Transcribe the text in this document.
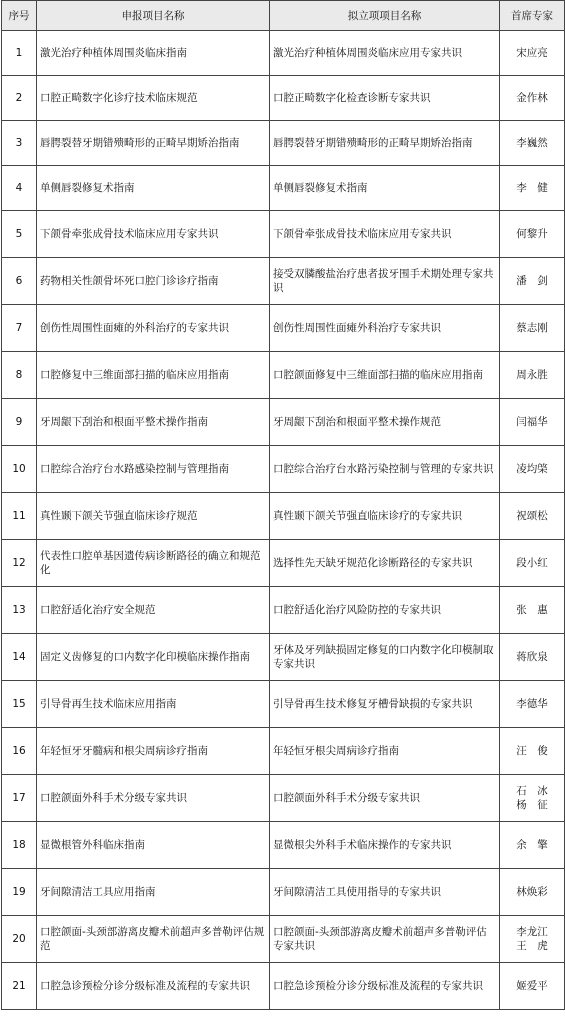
序号	申报项目名称	拟立项项目名称	首席专家
1	激光治疗种植体周围炎临床指南	激光治疗种植体周围炎临床应用专家共识	宋应亮

2	口腔正畸数字化诊疗技术临床规范	口腔正畸数字化检查诊断专家共识	金作林

3	唇腭裂替牙期错㱮畸形的正畸早期矫治指南	唇腭裂替牙期错㱮畸形的正畸早期矫治指南	李巍然

4	单侧唇裂修复术指南	单侧唇裂修复术指南	李　健

5	下颌骨牵张成骨技术临床应用专家共识	下颌骨牵张成骨技术临床应用专家共识	何黎升

6	药物相关性颌骨坏死口腔门诊诊疗指南	接受双膦酸盐治疗患者拔牙围手术期处理专家共识	潘　剑

7	创伤性周围性面瘫的外科治疗的专家共识	创伤性周围性面瘫外科治疗专家共识	蔡志刚

8	口腔修复中三维面部扫描的临床应用指南	口腔颌面修复中三维面部扫描的临床应用指南	周永胜

9	牙周龈下刮治和根面平整术操作指南	牙周龈下刮治和根面平整术操作规范	闫福华

10	口腔综合治疗台水路感染控制与管理指南	口腔综合治疗台水路污染控制与管理的专家共识	凌均棨

11	真性颞下颌关节强直临床诊疗规范	真性颞下颌关节强直临床诊疗的专家共识	祝颂松

12	代表性口腔单基因遗传病诊断路径的确立和规范化	选择性先天缺牙规范化诊断路径的专家共识	段小红

13	口腔舒适化治疗安全规范	口腔舒适化治疗风险防控的专家共识	张　惠

14	固定义齿修复的口内数字化印模临床操作指南	牙体及牙列缺损固定修复的口内数字化印模制取专家共识	蒋欣泉

15	引导骨再生技术临床应用指南	引导骨再生技术修复牙槽骨缺损的专家共识	李德华

16	年轻恒牙牙髓病和根尖周病诊疗指南	年轻恒牙根尖周病诊疗指南	汪　俊

17	口腔颌面外科手术分级专家共识	口腔颌面外科手术分级专家共识	石　冰
杨　征

18	显微根管外科临床指南	显微根尖外科手术临床操作的专家共识	余　擎

19	牙间隙清洁工具应用指南	牙间隙清洁工具使用指导的专家共识	林焕彩

20	口腔颌面-头颈部游离皮瓣术前超声多普勒评估规范	口腔颌面-头颈部游离皮瓣术前超声多普勒评估专家共识	李龙江
王　虎

21	口腔急诊预检分诊分级标准及流程的专家共识	口腔急诊预检分诊分级标准及流程的专家共识	姬爱平
